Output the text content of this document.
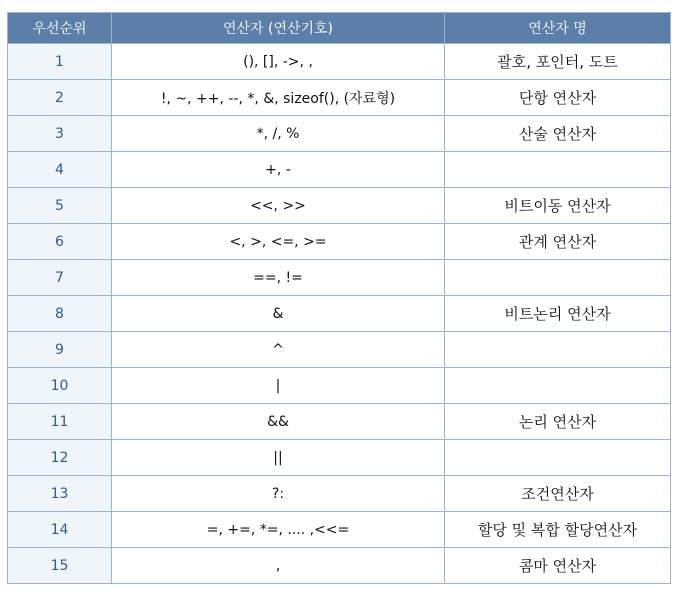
우선순위	연산자 (연산기호)	연산자 명
1	(), [], ->, ,	괄호, 포인터, 도트
2	!, ~, ++, --, *, &, sizeof(), (자료형)	단항 연산자
3	*, /, %	산술 연산자
4	+, -	
5	<<, >>	비트이동 연산자
6	<, >, <=, >=	관계 연산자
7	==, !=	
8	&	비트논리 연산자
9	^	
10	|	
11	&&	논리 연산자
12	||	
13	?:	조건연산자
14	=, +=, *=, .... ,<<=	할당 및 복합 할당연산자
15	,	콤마 연산자
